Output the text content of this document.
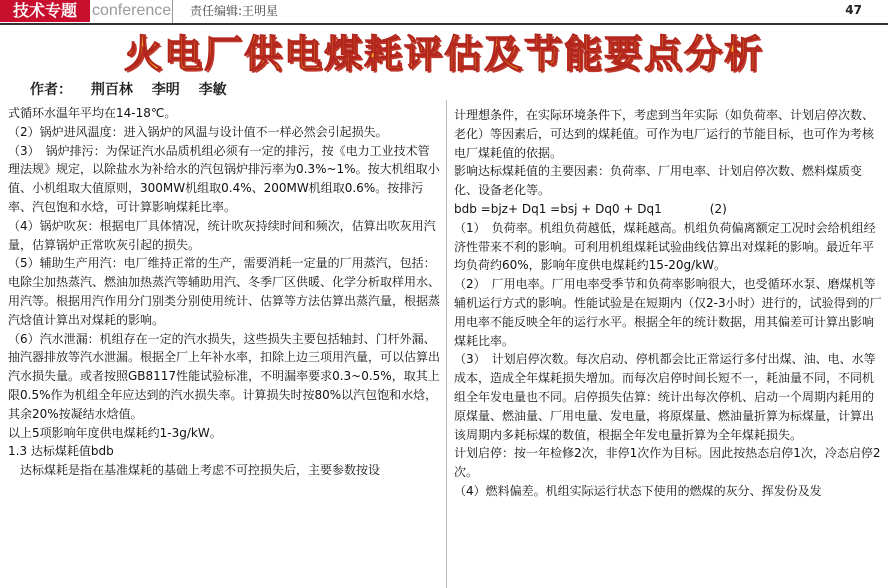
技术专题 conference 责任编辑:王明星	47
火电厂供电煤耗评估及节能要点分析
作者： 荆百林 李明 李敏

式循环水温年平均在14-18℃。

（2）锅炉进风温度：进入锅炉的风温与设计值不一样必然会引起损失。

（3）　锅炉排污：为保证汽水品质机组必须有一定的排污，按《电力工业技术管理法规》规定，以除盐水为补给水的汽包锅炉排污率为0.3%~1%。按大机组取小值、小机组取大值原则，300MW机组取0.4%、200MW机组取0.6%。按排污率、汽包饱和水焓，可计算影响煤耗比率。

（4）锅炉吹灰：根据电厂具体情况，统计吹灰持续时间和频次，估算出吹灰用汽量，估算锅炉正常吹灰引起的损失。

（5）辅助生产用汽：电厂维持正常的生产，需要消耗一定量的厂用蒸汽，包括：电除尘加热蒸汽、燃油加热蒸汽等辅助用汽、冬季厂区供暖、化学分析取样用水、用汽等。根据用汽作用分门别类分别使用统计、估算等方法估算出蒸汽量，根据蒸汽焓值计算出对煤耗的影响。

（6）汽水泄漏：机组存在一定的汽水损失，这些损失主要包括轴封、门杆外漏、抽汽器排放等汽水泄漏。根据全厂上年补水率，扣除上边三项用汽量，可以估算出汽水损失量。或者按照GB8117性能试验标准，不明漏率要求0.3~0.5%，取其上限0.5%作为机组全年应达到的汽水损失率。计算损失时按80%以汽包饱和水焓，其余20%按凝结水焓值。

以上5项影响年度供电煤耗约1-3g/kW。

1.3 达标煤耗值bdb

　达标煤耗是指在基准煤耗的基础上考虑不可控损失后，主要参数按设

计理想条件，在实际环境条件下，考虑到当年实际（如负荷率、计划启停次数、老化）等因素后，可达到的煤耗值。可作为电厂运行的节能目标，也可作为考核电厂煤耗值的依据。

影响达标煤耗值的主要因素：负荷率、厂用电率、计划启停次数、燃料煤质变化、设备老化等。

bdb =bjz+ Dq1 =bsj + Dq0 + Dq1　　　　(2)

（1）　负荷率。机组负荷越低，煤耗越高。机组负荷偏离额定工况时会给机组经济性带来不利的影响。可利用机组煤耗试验曲线估算出对煤耗的影响。最近年平均负荷约60%，影响年度供电煤耗约15-20g/kW。

（2）　厂用电率。厂用电率受季节和负荷率影响很大，也受循环水泵、磨煤机等辅机运行方式的影响。性能试验是在短期内（仅2-3小时）进行的，试验得到的厂用电率不能反映全年的运行水平。根据全年的统计数据，用其偏差可计算出影响煤耗比率。

（3）　计划启停次数。每次启动、停机都会比正常运行多付出煤、油、电、水等成本，造成全年煤耗损失增加。而每次启停时间长短不一，耗油量不同，不同机组全年发电量也不同。启停损失估算：统计出每次停机、启动一个周期内耗用的原煤量、燃油量、厂用电量、发电量，将原煤量、燃油量折算为标煤量，计算出该周期内多耗标煤的数值，根据全年发电量折算为全年煤耗损失。

计划启停：按一年检修2次，非停1次作为目标。因此按热态启停1次，冷态启停2次。

（4）燃料偏差。机组实际运行状态下使用的燃煤的灰分、挥发份及发
